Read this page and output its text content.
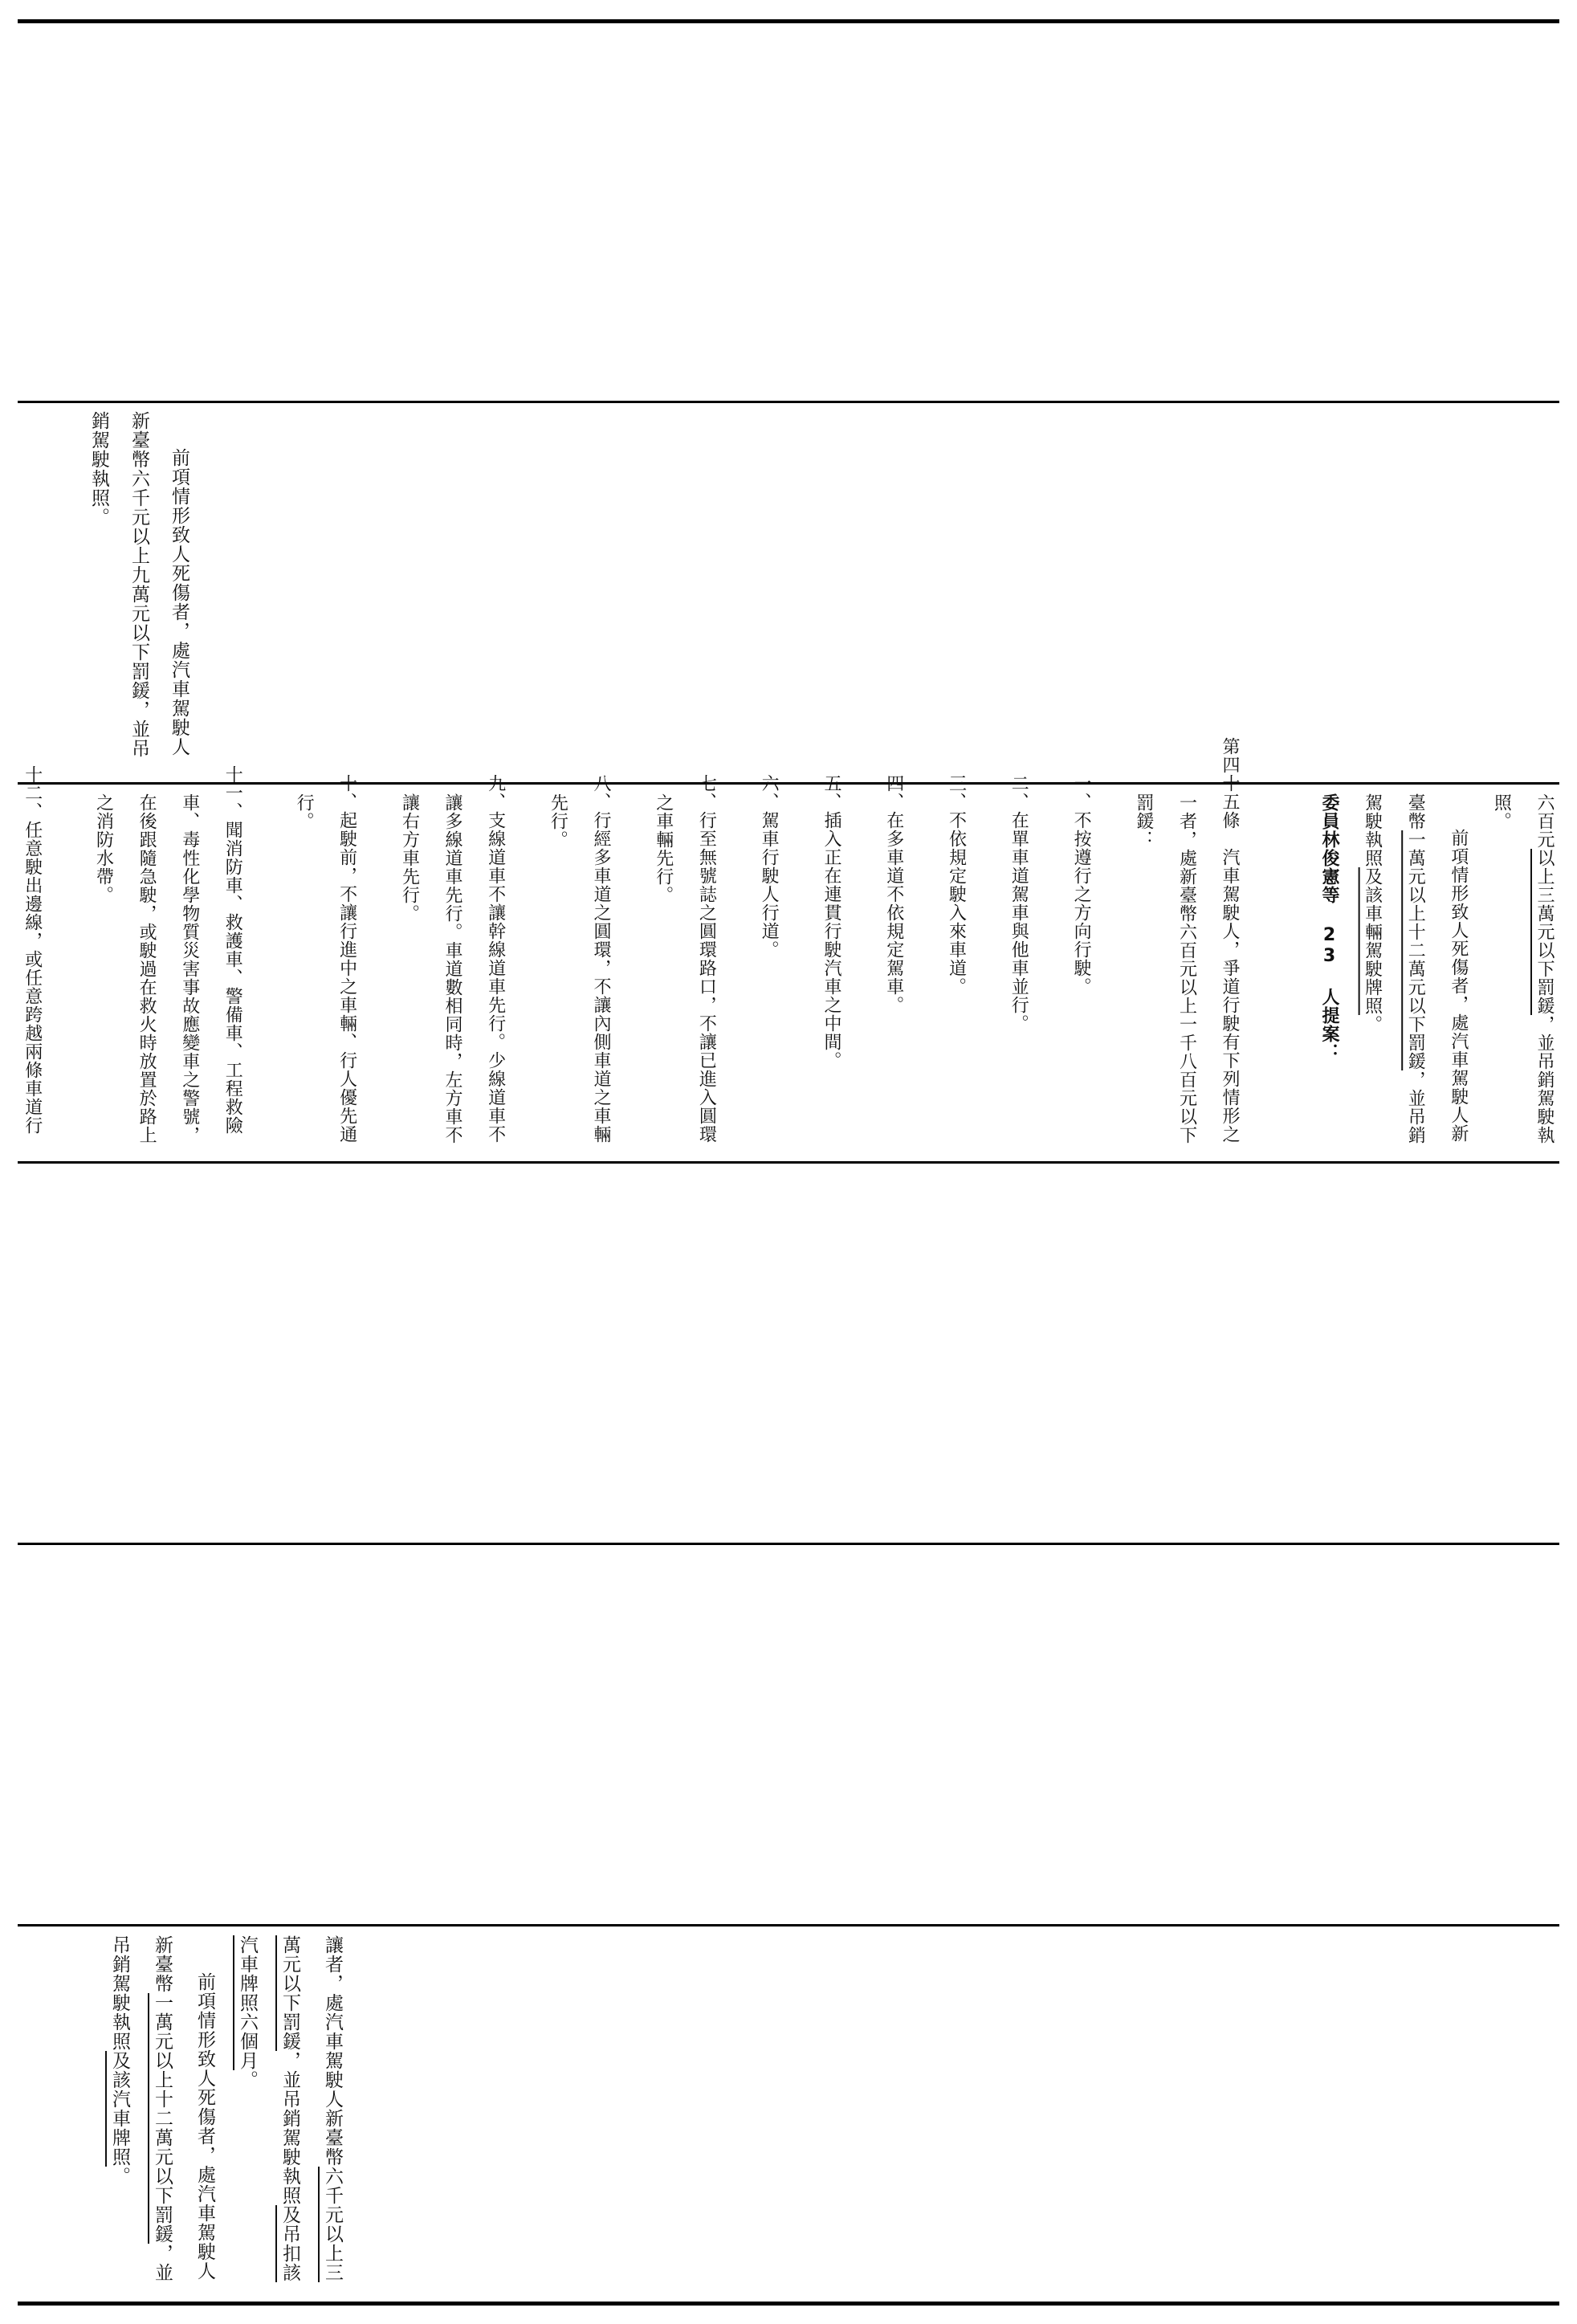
前項情形致人死傷者，處汽車駕駛人新臺幣六千元以上九萬元以下罰鍰，並吊銷駕駛執照。

六百元以上三萬元以下罰鍰，並吊銷駕駛執照。

前項情形致人死傷者，處汽車駕駛人新臺幣一萬元以上十二萬元以下罰鍰，並吊銷駕駛執照及該車輛駕駛牌照。

委員林俊憲等 23 人提案：

第四十五條　汽車駕駛人，爭道行駛有下列情形之一者，處新臺幣六百元以上一千八百元以下罰鍰：

一、不按遵行之方向行駛。

二、在單車道駕車與他車並行。

三、不依規定駛入來車道。

四、在多車道不依規定駕車。

五、插入正在連貫行駛汽車之中間。

六、駕車行駛人行道。

七、行至無號誌之圓環路口，不讓已進入圓環之車輛先行。

八、行經多車道之圓環，不讓內側車道之車輛先行。

九、支線道車不讓幹線道車先行。少線道車不讓多線道車先行。車道數相同時，左方車不讓右方車先行。

十、起駛前，不讓行進中之車輛、行人優先通行。

十一、聞消防車、救護車、警備車、工程救險車、毒性化學物質災害事故應變車之警號，在後跟隨急駛，或駛過在救火時放置於路上之消防水帶。

十二、任意駛出邊線，或任意跨越兩條車道行

讓者，處汽車駕駛人新臺幣六千元以上三萬元以下罰鍰，並吊銷駕駛執照及吊扣該汽車牌照六個月。

前項情形致人死傷者，處汽車駕駛人新臺幣一萬元以上十二萬元以下罰鍰，並吊銷駕駛執照及該汽車牌照。
